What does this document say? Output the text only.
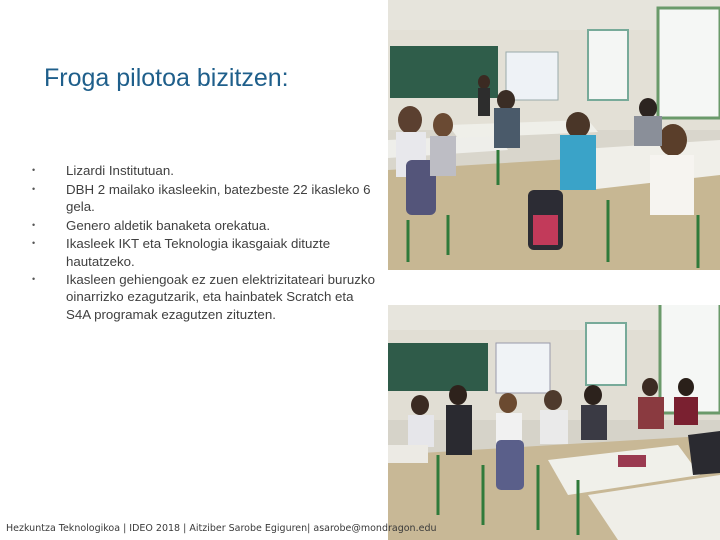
Froga pilotoa bizitzen:
• Lizardi Institutuan.
• DBH 2 mailako ikasleekin, batezbeste 22 ikasleko 6 gela.
• Genero aldetik banaketa orekatua.
• Ikasleek IKT eta Teknologia ikasgaiak dituzte hautatzeko.
• Ikasleen gehiengoak ez zuen elektrizitateari buruzko oinarrizko ezagutzarik, eta hainbatek Scratch eta S4A programak ezagutzen zituzten.
Hezkuntza Teknologikoa | IDEO 2018 | Aitziber Sarobe Egiguren| asarobe@mondragon.edu
